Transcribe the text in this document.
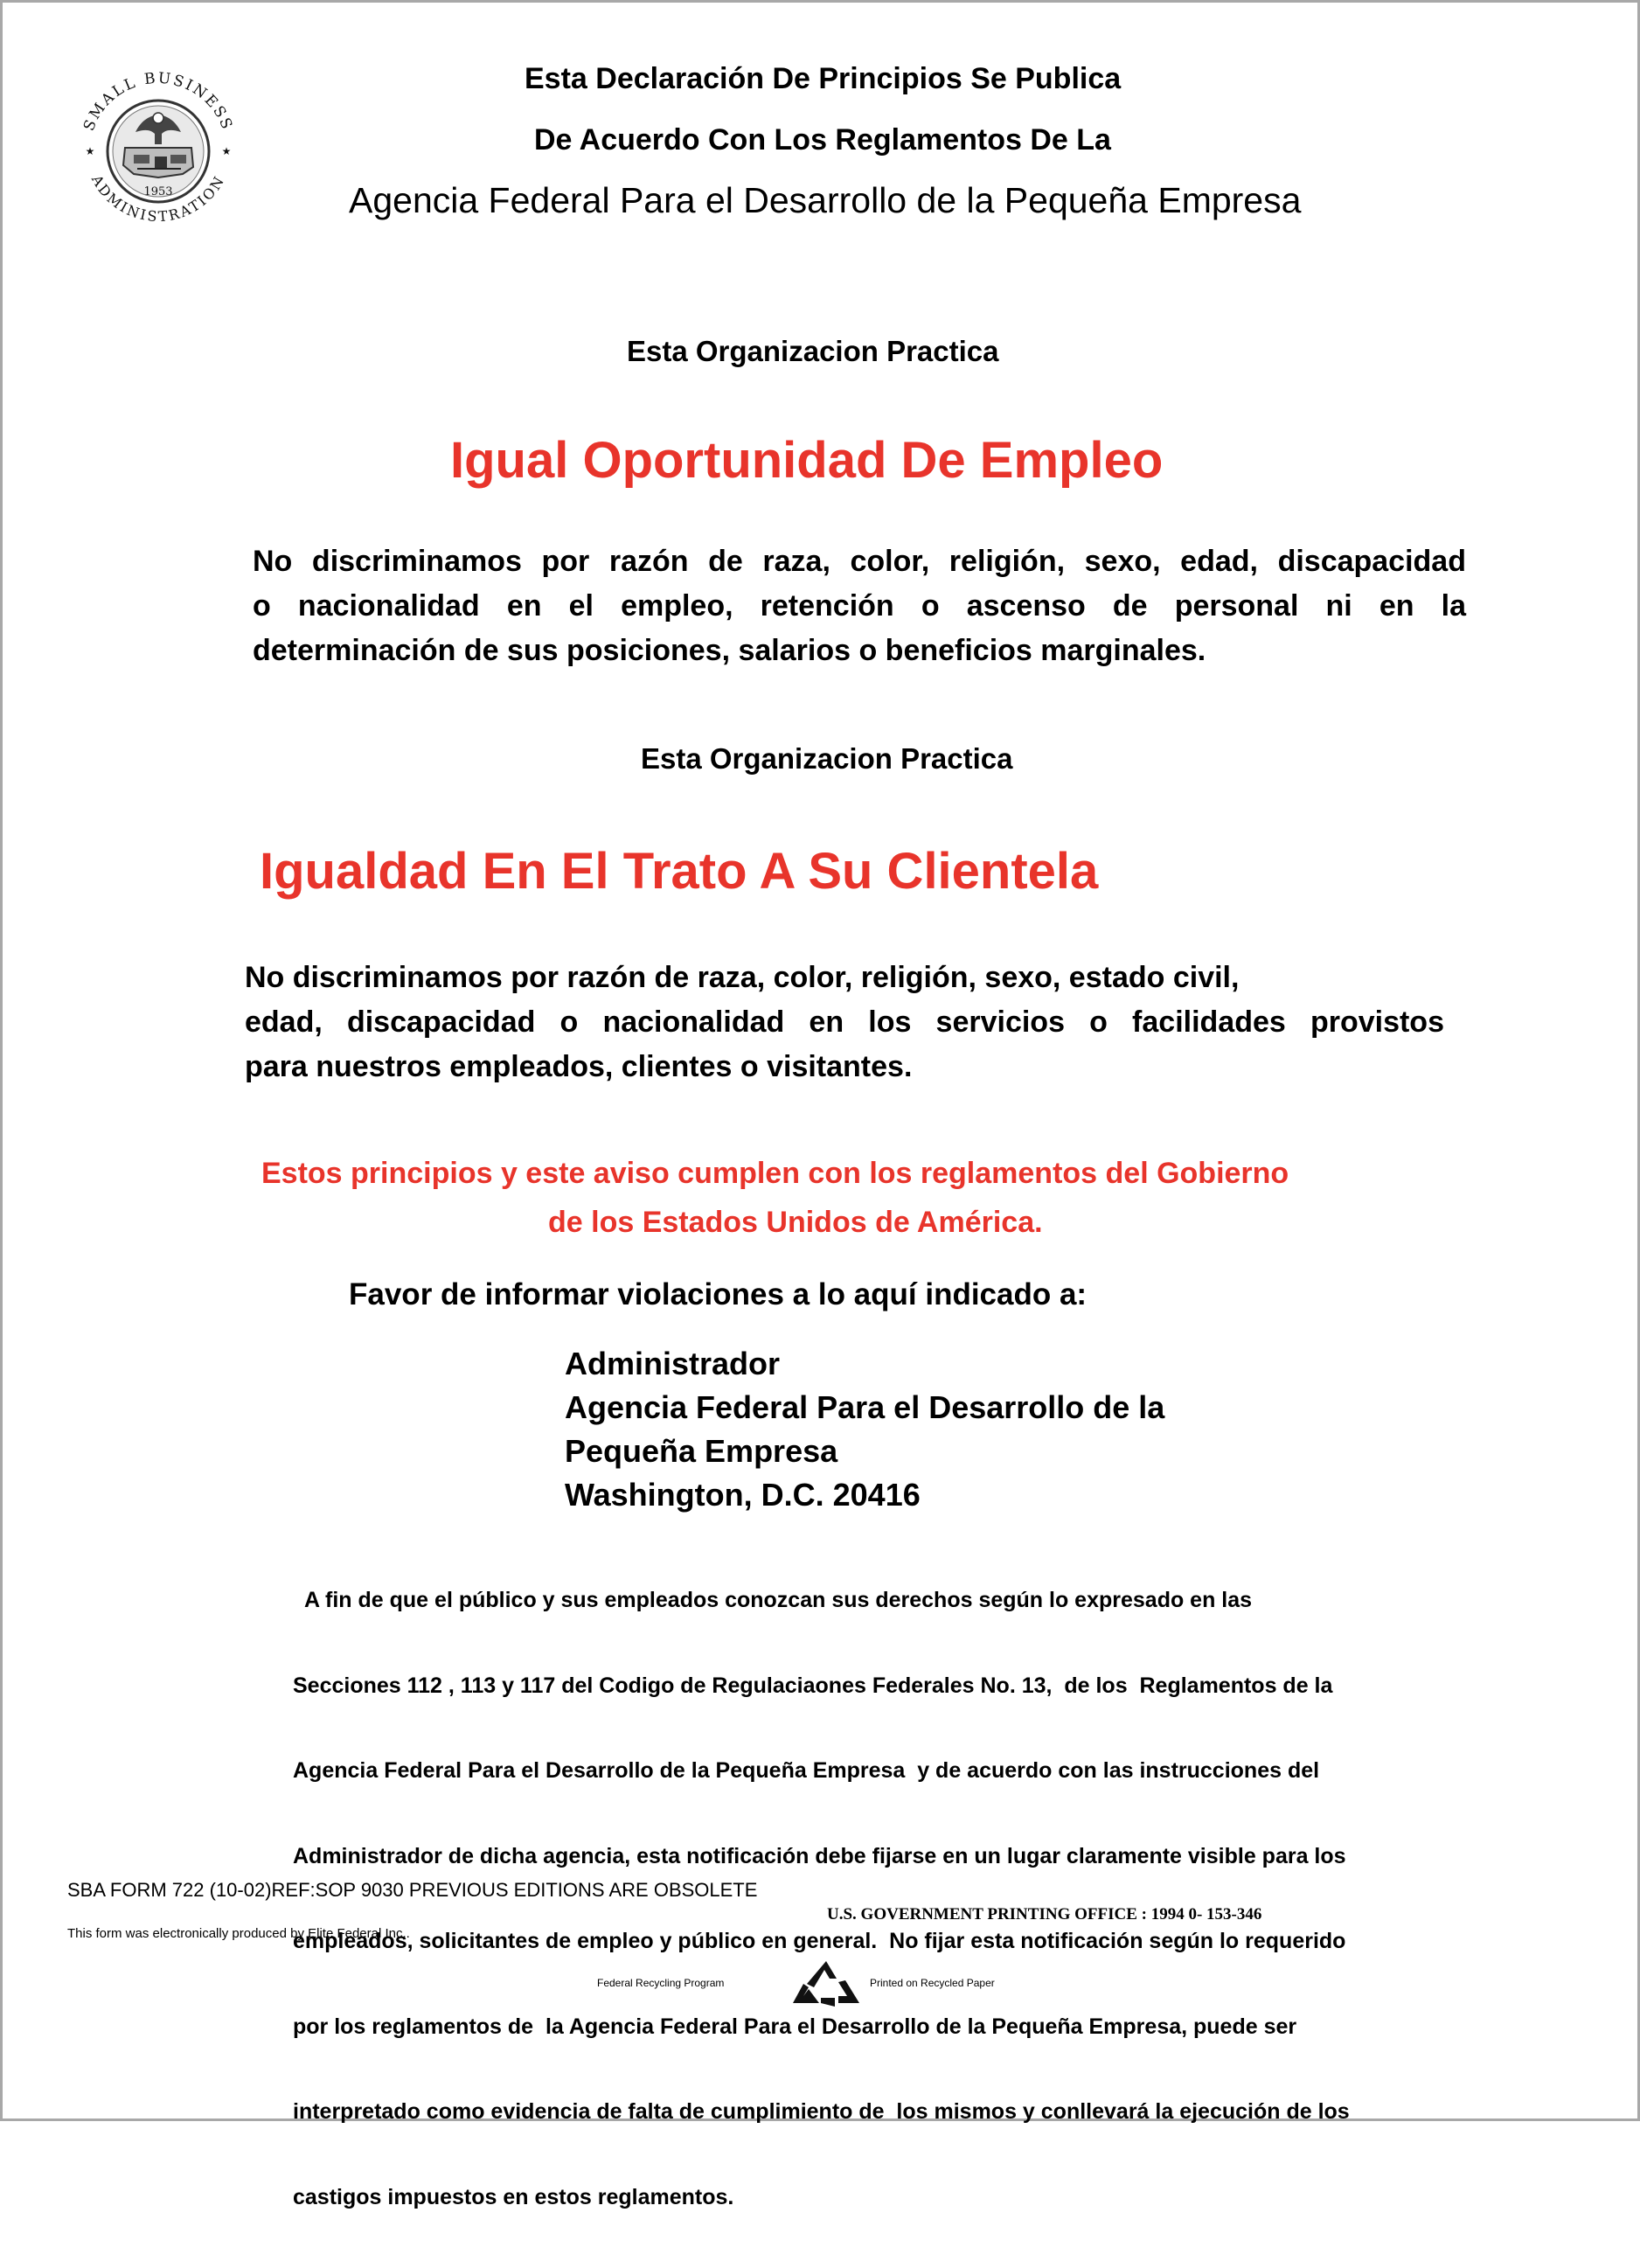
SMALL BUSINESS
ADMINISTRATION
1953
★	★
Esta Declaración De Principios Se Publica
De Acuerdo Con Los Reglamentos De La
Agencia Federal Para el Desarrollo de la Pequeña Empresa
Esta Organizacion Practica
Igual Oportunidad De Empleo
No discriminamos por razón de raza, color, religión, sexo, edad, discapacidad
o nacionalidad en el empleo, retención o ascenso de personal ni en la
determinación de sus posiciones, salarios o beneficios marginales.
Esta Organizacion Practica
Igualdad En El Trato A Su Clientela
No discriminamos por razón de raza, color, religión, sexo, estado civil,
edad, discapacidad o nacionalidad en los servicios o facilidades provistos
para nuestros empleados, clientes o visitantes.
Estos principios y este aviso cumplen con los reglamentos del Gobierno
de los Estados Unidos de América.
Favor de informar violaciones a lo aquí indicado a:
Administrador
Agencia Federal Para el Desarrollo de la
Pequeña Empresa
Washington, D.C. 20416

A fin de que el público y sus empleados conozcan sus derechos según lo expresado en las

Secciones 112 , 113 y 117 del Codigo de Regulaciaones Federales No. 13,  de los  Reglamentos de la

Agencia Federal Para el Desarrollo de la Pequeña Empresa  y de acuerdo con las instrucciones del

Administrador de dicha agencia, esta notificación debe fijarse en un lugar claramente visible para los

empleados, solicitantes de empleo y público en general.  No fijar esta notificación según lo requerido

por los reglamentos de  la Agencia Federal Para el Desarrollo de la Pequeña Empresa, puede ser

interpretado como evidencia de falta de cumplimiento de  los mismos y conllevará la ejecución de los

castigos impuestos en estos reglamentos.

SBA FORM 722 (10-02)REF:SOP 9030 PREVIOUS EDITIONS ARE OBSOLETE
U.S. GOVERNMENT PRINTING OFFICE : 1994 0- 153-346
This form was electronically produced by Elite Federal Inc,.
Federal Recycling Program	Printed on Recycled Paper
